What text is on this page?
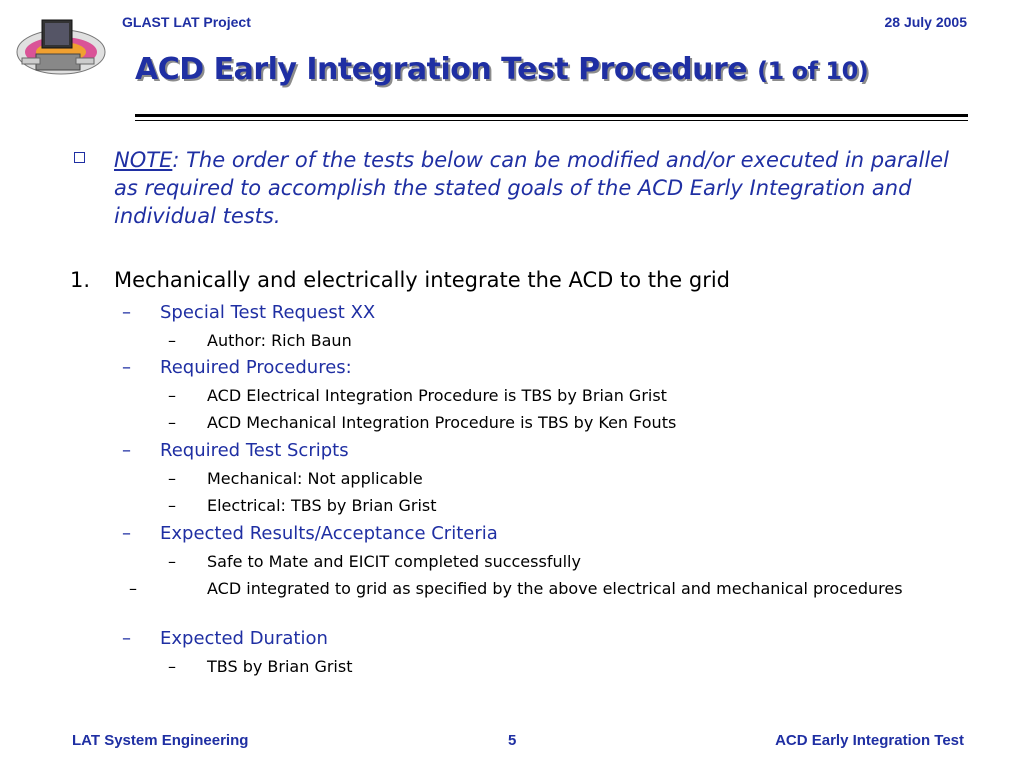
GLAST LAT Project	28 July 2005
ACD Early Integration Test Procedure (1 of 10)
NOTE: The order of the tests below can be modified and/or executed in parallel as required to accomplish the stated goals of the ACD Early Integration and individual tests.
1. Mechanically and electrically integrate the ACD to the grid
– Special Test Request XX
– Author: Rich Baun
– Required Procedures:
– ACD Electrical Integration Procedure is TBS by Brian Grist
– ACD Mechanical Integration Procedure is TBS by Ken Fouts
– Required Test Scripts
– Mechanical: Not applicable
– Electrical: TBS by Brian Grist
– Expected Results/Acceptance Criteria
– Safe to Mate and EICIT completed successfully
–	ACD integrated to grid as specified by the above electrical and mechanical procedures
– Expected Duration
– TBS by Brian Grist
LAT System Engineering	5	ACD Early Integration Test
